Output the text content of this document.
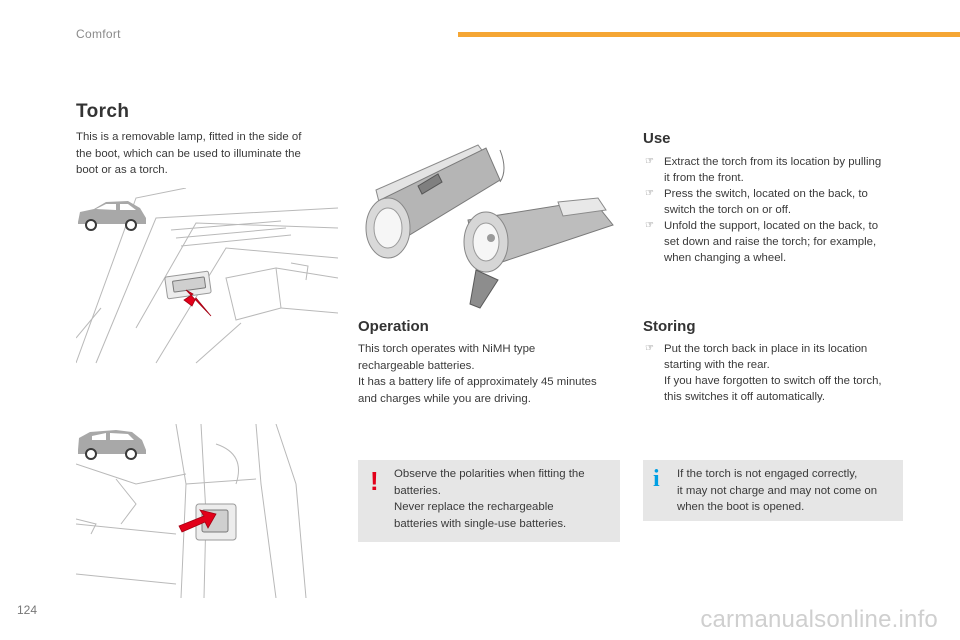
Comfort
Torch
This is a removable lamp, fitted in the side of
the boot, which can be used to illuminate the
boot or as a torch.
Operation
This torch operates with NiMH type
rechargeable batteries.
It has a battery life of approximately 45 minutes
and charges while you are driving.
Use
☞ Extract the torch from its location by pulling
it from the front.
☞ Press the switch, located on the back, to
switch the torch on or off.
☞ Unfold the support, located on the back, to
set down and raise the torch; for example,
when changing a wheel.
Storing
☞ Put the torch back in place in its location
starting with the rear.
If you have forgotten to switch off the torch,
this switches it off automatically.
! Observe the polarities when fitting the
batteries.
Never replace the rechargeable
batteries with single-use batteries.
i If the torch is not engaged correctly,
it may not charge and may not come on
when the boot is opened.
124	carmanualsonline.info
